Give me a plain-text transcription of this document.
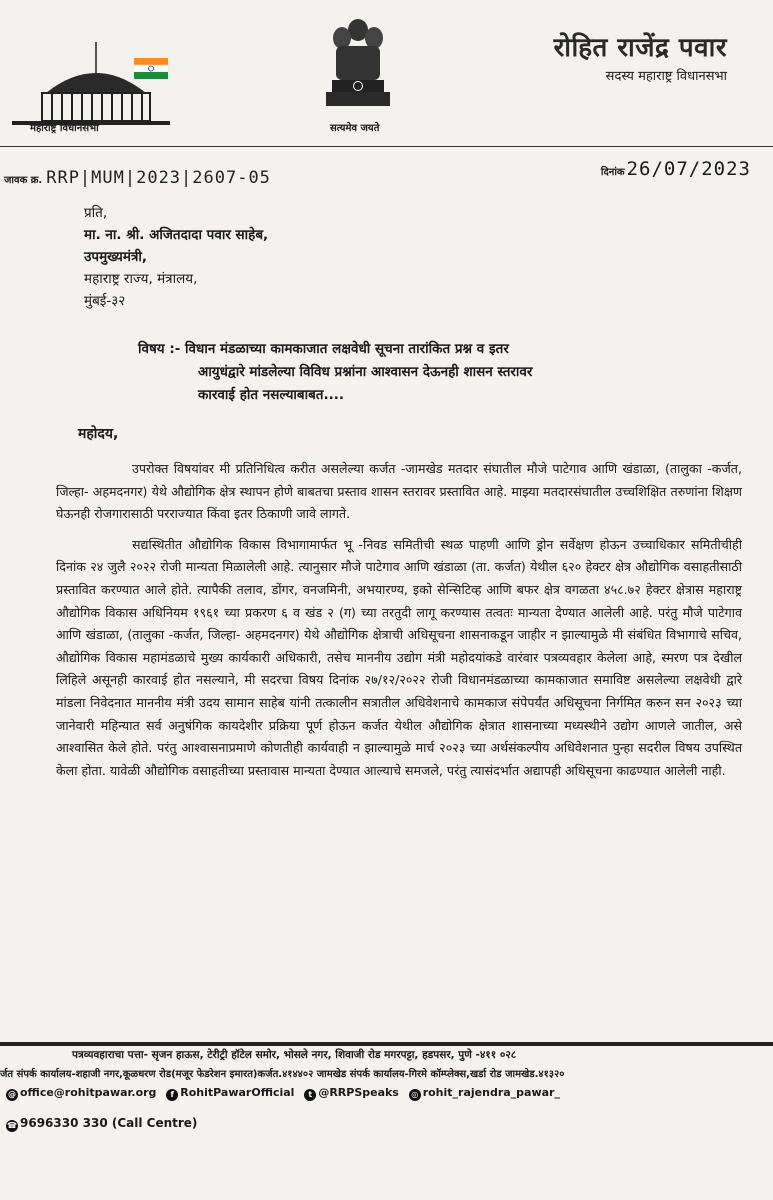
महाराष्ट्र विधानसभा	सत्यमेव जयते
रोहित राजेंद्र पवार
सदस्य महाराष्ट्र विधानसभा
जावक क्र. RRP|MUM|2023|2607-05	दिनांक 26/07/2023
प्रति,
मा. ना. श्री. अजितदादा पवार साहेब,
उपमुख्यमंत्री,
महाराष्ट्र राज्य, मंत्रालय,
मुंबई-३२
विषय :- विधान मंडळाच्या कामकाजात लक्षवेधी सूचना तारांकित प्रश्न व इतर
आयुधंद्वारे मांडलेल्या विविध प्रश्नांना आश्वासन देऊनही शासन स्तरावर
कारवाई होत नसल्याबाबत....
महोदय,

उपरोक्त विषयांवर मी प्रतिनिधित्व करीत असलेल्या कर्जत -जामखेड मतदार संघातील मौजे पाटेगाव आणि खंडाळा, (तालुका -कर्जत, जिल्हा- अहमदनगर) येथे औद्योगिक क्षेत्र स्थापन होणे बाबतचा प्रस्ताव शासन स्तरावर प्रस्तावित आहे. माझ्या मतदारसंघातील उच्चशिक्षित तरुणांना शिक्षण घेऊनही रोजगारासाठी परराज्यात किंवा इतर ठिकाणी जावे लागते.

सद्यस्थितीत औद्योगिक विकास विभागामार्फत भू -निवड समितीची स्थळ पाहणी आणि ड्रोन सर्वेक्षण होऊन उच्चाधिकार समितीचीही दिनांक २४ जुलै २०२२ रोजी मान्यता मिळालेली आहे. त्यानुसार मौजे पाटेगाव आणि खंडाळा (ता. कर्जत) येथील ६२० हेक्टर क्षेत्र औद्योगिक वसाहतीसाठी प्रस्तावित करण्यात आले होते. त्यापैकी तलाव, डोंगर, वनजमिनी, अभयारण्य, इको सेन्सिटिव्ह आणि बफर क्षेत्र वगळता ४५८.७२ हेक्टर क्षेत्रास महाराष्ट्र औद्योगिक विकास अधिनियम १९६१ च्या प्रकरण ६ व खंड २ (ग) च्या तरतुदी लागू करण्यास तत्वतः मान्यता देण्यात आलेली आहे. परंतु मौजे पाटेगाव आणि खंडाळा, (तालुका -कर्जत, जिल्हा- अहमदनगर) येथे औद्योगिक क्षेत्राची अधिसूचना शासनाकडून जाहीर न झाल्यामुळे मी संबंधित विभागाचे सचिव, औद्योगिक विकास महामंडळाचे मुख्य कार्यकारी अधिकारी, तसेच माननीय उद्योग मंत्री महोदयांकडे वारंवार पत्रव्यवहार केलेला आहे, स्मरण पत्र देखील लिहिले असूनही कारवाई होत नसल्याने, मी सदरचा विषय दिनांक २७/१२/२०२२ रोजी विधानमंडळाच्या कामकाजात समाविष्ट असलेल्या लक्षवेधी द्वारे मांडला निवेदनात माननीय मंत्री उदय सामान साहेब यांनी तत्कालीन सत्रातील अधिवेशनाचे कामकाज संपेपर्यंत अधिसूचना निर्गमित करुन सन २०२३ च्या जानेवारी महिन्यात सर्व अनुषंगिक कायदेशीर प्रक्रिया पूर्ण होऊन कर्जत येथील औद्योगिक क्षेत्रात शासनाच्या मध्यस्थीने उद्योग आणले जातील, असे आश्वासित केले होते. परंतु आश्वासनाप्रमाणे कोणतीही कार्यवाही न झाल्यामुळे मार्च २०२३ च्या अर्थसंकल्पीय अधिवेशनात पुन्हा सदरील विषय उपस्थित केला होता. यावेळी औद्योगिक वसाहतीच्या प्रस्तावास मान्यता देण्यात आल्याचे समजले, परंतु त्यासंदर्भात अद्यापही अधिसूचना काढण्यात आलेली नाही.

पत्रव्यवहाराचा पत्ता- सृजन हाऊस, टेरीट्री हॉटेल समोर, भोसले नगर, शिवाजी रोड मगरपट्टा, हडपसर, पुणे -४११ ०२८
र्जत संपर्क कार्यालय-शहाजी नगर,कूळधरण रोड(मजूर फेडरेशन इमारत)कर्जत.४१४४०२ जामखेड संपर्क कार्यालय-गिरमे कॉम्प्लेक्स,खर्डा रोड जामखेड.४१३२०
@ office@rohitpawar.org f RohitPawarOfficial t @RRPSpeaks ◎ rohit_rajendra_pawar_
☎ 9696330 330 (Call Centre)
